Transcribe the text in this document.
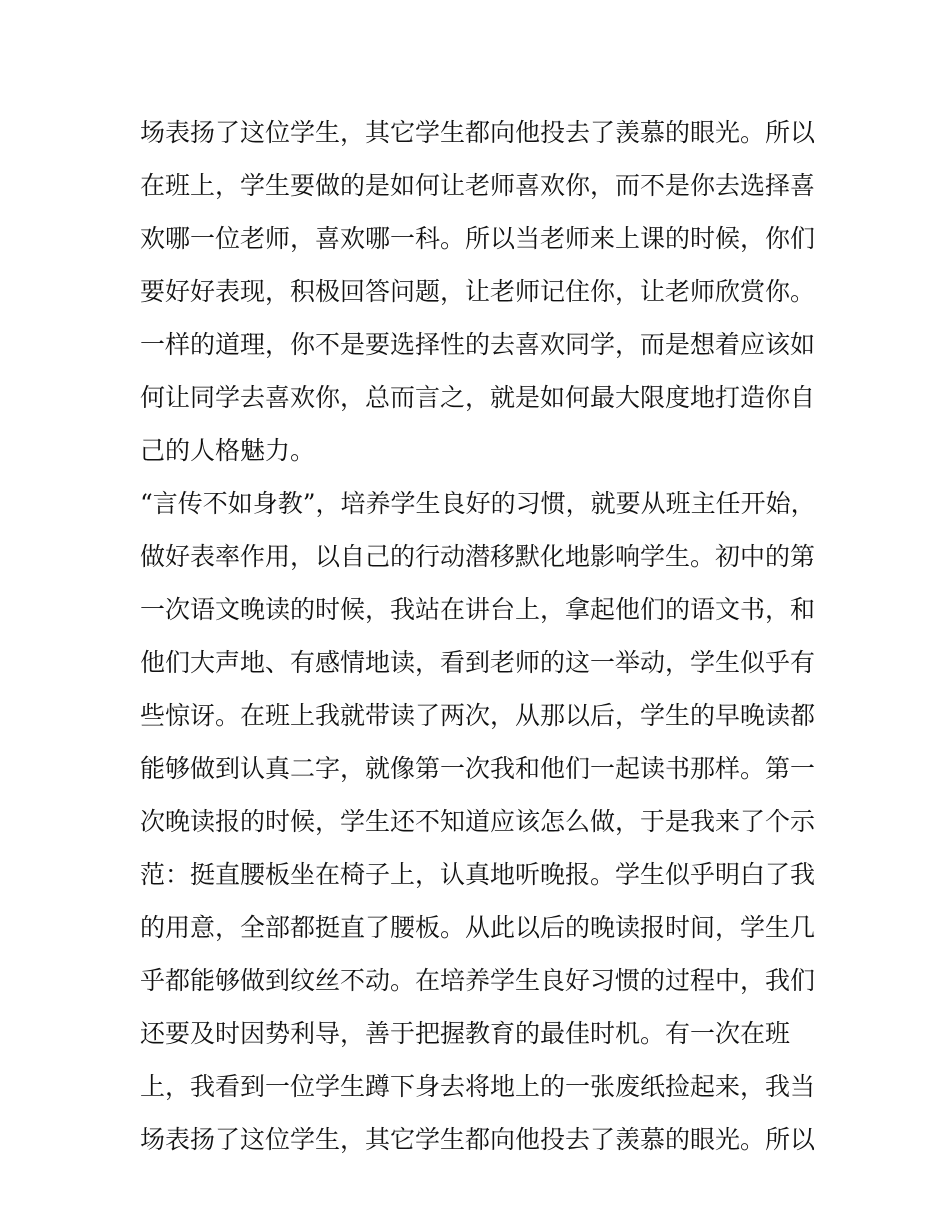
场表扬了这位学生，其它学生都向他投去了羡慕的眼光。所以
在班上，学生要做的是如何让老师喜欢你，而不是你去选择喜
欢哪一位老师，喜欢哪一科。所以当老师来上课的时候，你们
要好好表现，积极回答问题，让老师记住你，让老师欣赏你。
一样的道理，你不是要选择性的去喜欢同学，而是想着应该如
何让同学去喜欢你，总而言之，就是如何最大限度地打造你自
己的人格魅力。
“言传不如身教”，培养学生良好的习惯，就要从班主任开始，
做好表率作用，以自己的行动潜移默化地影响学生。初中的第
一次语文晚读的时候，我站在讲台上，拿起他们的语文书，和
他们大声地、有感情地读，看到老师的这一举动，学生似乎有
些惊讶。在班上我就带读了两次，从那以后，学生的早晚读都
能够做到认真二字，就像第一次我和他们一起读书那样。第一
次晚读报的时候，学生还不知道应该怎么做，于是我来了个示
范：挺直腰板坐在椅子上，认真地听晚报。学生似乎明白了我
的用意，全部都挺直了腰板。从此以后的晚读报时间，学生几
乎都能够做到纹丝不动。在培养学生良好习惯的过程中，我们
还要及时因势利导，善于把握教育的最佳时机。有一次在班
上，我看到一位学生蹲下身去将地上的一张废纸捡起来，我当
场表扬了这位学生，其它学生都向他投去了羡慕的眼光。所以
